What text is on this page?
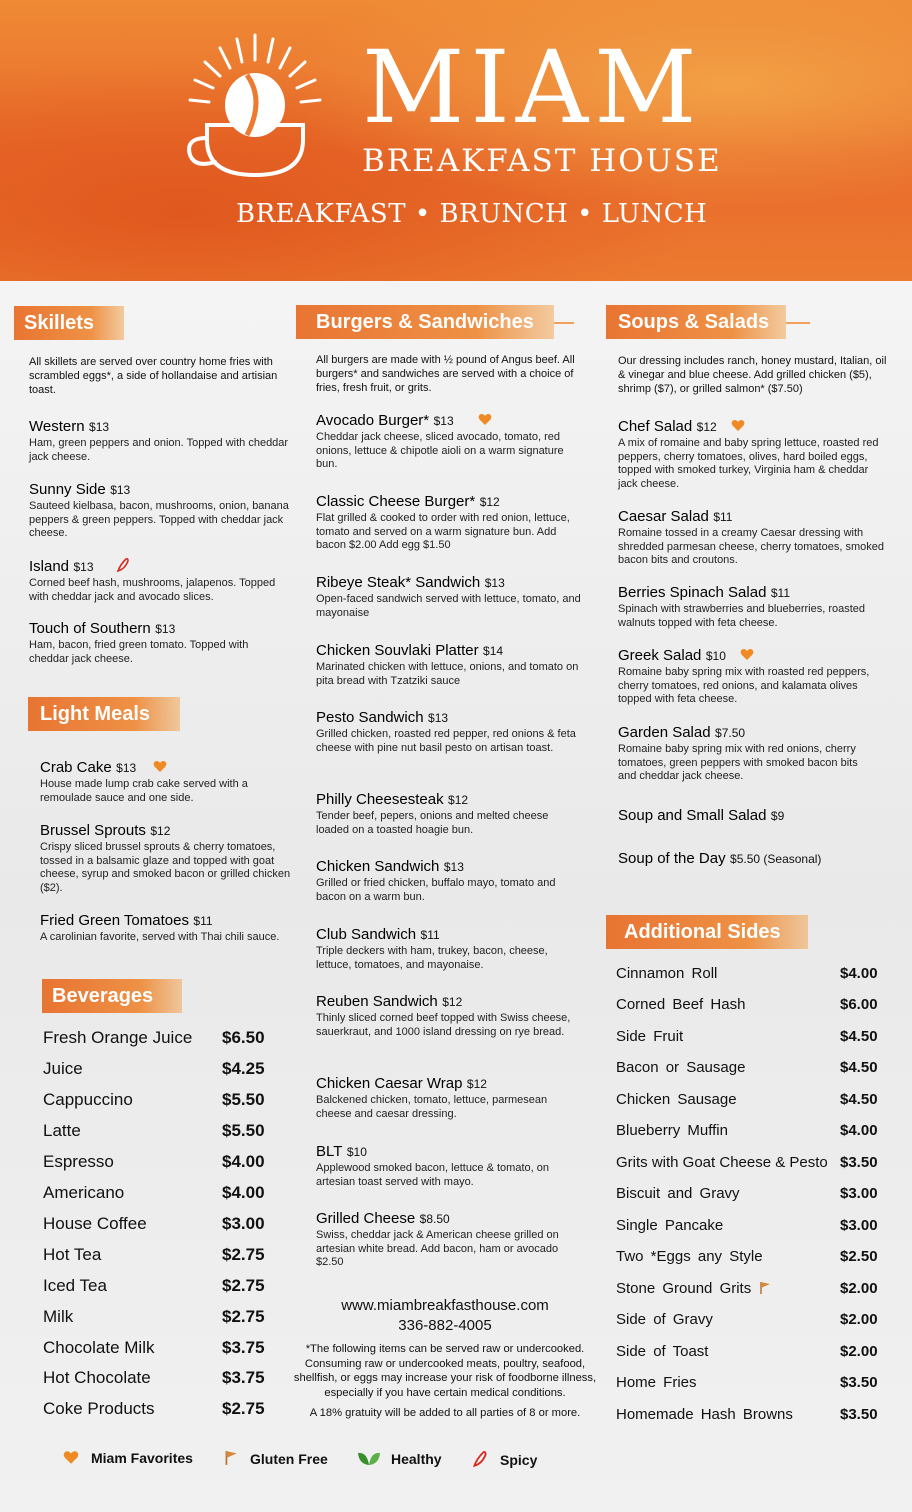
MIAM
BREAKFAST HOUSE
BREAKFAST • BRUNCH • LUNCH
Skillets
All skillets are served over country home fries with scrambled eggs*, a side of hollandaise and artisian toast.
Western $13
Ham, green peppers and onion. Topped with cheddar jack cheese.
Sunny Side $13
Sauteed kielbasa, bacon, mushrooms, onion, banana peppers & green peppers. Topped with cheddar jack cheese.
Island $13
Corned beef hash, mushrooms, jalapenos. Topped with cheddar jack and avocado slices.
Touch of Southern $13
Ham, bacon, fried green tomato. Topped with cheddar jack cheese.
Light Meals
Crab Cake $13
House made lump crab cake served with a remoulade sauce and one side.
Brussel Sprouts $12
Crispy sliced brussel sprouts & cherry tomatoes, tossed in a balsamic glaze and topped with goat cheese, syrup and smoked bacon or grilled chicken ($2).
Fried Green Tomatoes $11
A carolinian favorite, served with Thai chili sauce.
Beverages
Fresh Orange Juice $6.50
Juice	$4.25
Cappuccino	$5.50
Latte	$5.50
Espresso	$4.00
Americano	$4.00
House Coffee	$3.00
Hot Tea	$2.75
Iced Tea	$2.75
Milk	$2.75
Chocolate Milk	$3.75
Hot Chocolate	$3.75
Coke Products	$2.75
Burgers & Sandwiches
All burgers are made with ½ pound of Angus beef. All burgers* and sandwiches are served with a choice of fries, fresh fruit, or grits.
Avocado Burger* $13
Cheddar jack cheese, sliced avocado, tomato, red onions, lettuce & chipotle aioli on a warm signature bun.
Classic Cheese Burger* $12
Flat grilled & cooked to order with red onion, lettuce, tomato and served on a warm signature bun. Add bacon $2.00 Add egg $1.50
Ribeye Steak* Sandwich $13
Open-faced sandwich served with lettuce, tomato, and mayonaise
Chicken Souvlaki Platter $14
Marinated chicken with lettuce, onions, and tomato on pita bread with Tzatziki sauce
Pesto Sandwich $13
Grilled chicken, roasted red pepper, red onions & feta cheese with pine nut basil pesto on artisan toast.
Philly Cheesesteak $12
Tender beef, pepers, onions and melted cheese loaded on a toasted hoagie bun.
Chicken Sandwich $13
Grilled or fried chicken, buffalo mayo, tomato and bacon on a warm bun.
Club Sandwich $11
Triple deckers with ham, trukey, bacon, cheese, lettuce, tomatoes, and mayonaise.
Reuben Sandwich $12
Thinly sliced corned beef topped with Swiss cheese, sauerkraut, and 1000 island dressing on rye bread.
Chicken Caesar Wrap $12
Balckened chicken, tomato, lettuce, parmesean cheese and caesar dressing.
BLT $10
Applewood smoked bacon, lettuce & tomato, on artesian toast served with mayo.
Grilled Cheese $8.50
Swiss, cheddar jack & American cheese grilled on artesian white bread. Add bacon, ham or avocado $2.50
www.miambreakfasthouse.com
336-882-4005
*The following items can be served raw or undercooked. Consuming raw or undercooked meats, poultry, seafood, shellfish, or eggs may increase your risk of foodborne illness, especially if you have certain medical conditions.
A 18% gratuity will be added to all parties of 8 or more.
Soups & Salads
Our dressing includes ranch, honey mustard, Italian, oil & vinegar and blue cheese. Add grilled chicken ($5), shrimp ($7), or grilled salmon* ($7.50)
Chef Salad $12
A mix of romaine and baby spring lettuce, roasted red peppers, cherry tomatoes, olives, hard boiled eggs, topped with smoked turkey, Virginia ham & cheddar jack cheese.
Caesar Salad $11
Romaine tossed in a creamy Caesar dressing with shredded parmesan cheese, cherry tomatoes, smoked bacon bits and croutons.
Berries Spinach Salad $11
Spinach with strawberries and blueberries, roasted walnuts topped with feta cheese.
Greek Salad $10
Romaine baby spring mix with roasted red peppers, cherry tomatoes, red onions, and kalamata olives topped with feta cheese.
Garden Salad $7.50
Romaine baby spring mix with red onions, cherry tomatoes, green peppers with smoked bacon bits and cheddar jack cheese.
Soup and Small Salad $9
Soup of the Day $5.50 (Seasonal)
Additional Sides
Cinnamon Roll	$4.00
Corned Beef Hash	$6.00
Side Fruit	$4.50
Bacon or Sausage	$4.50
Chicken Sausage	$4.50
Blueberry Muffin	$4.00
Grits with Goat Cheese & Pesto $3.50
Biscuit and Gravy	$3.00
Single Pancake	$3.00
Two *Eggs any Style	$2.50
Stone Ground Grits	$2.00
Side of Gravy	$2.00
Side of Toast	$2.00
Home Fries	$3.50
Homemade Hash Browns	$3.50
Miam Favorites	Gluten Free	Healthy	Spicy
